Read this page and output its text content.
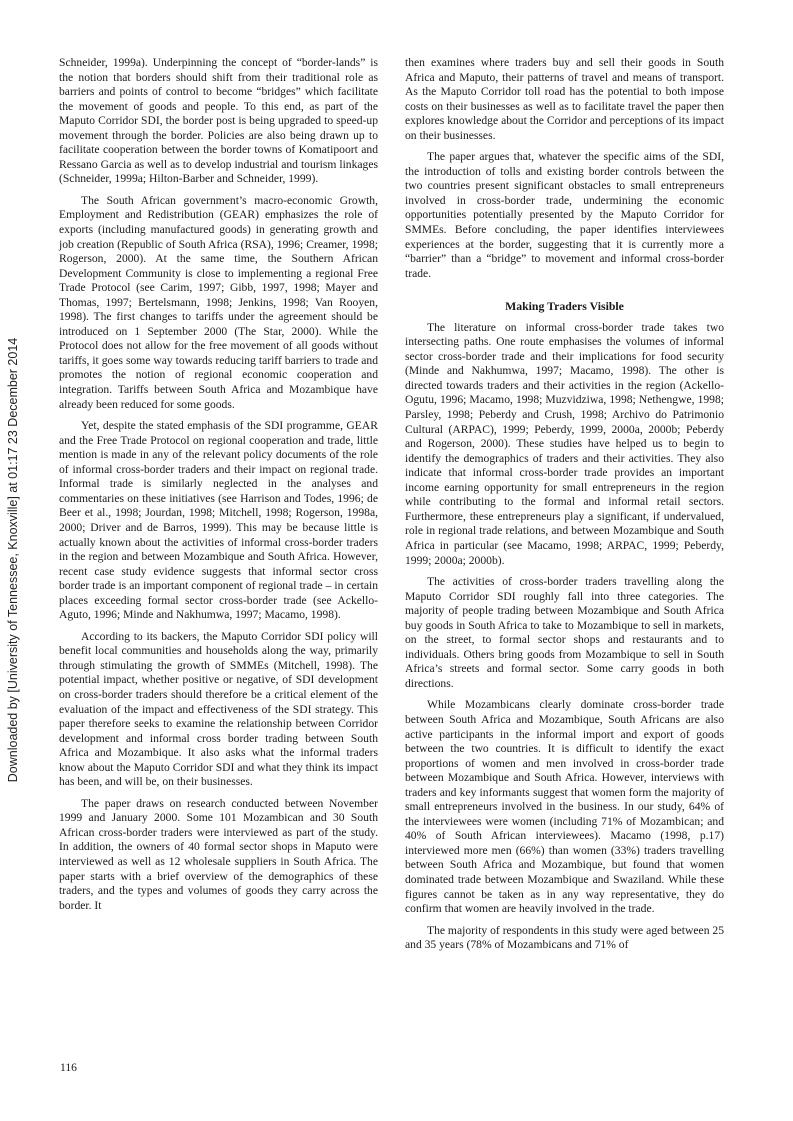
Downloaded by [University of Tennessee, Knoxville] at 01:17 23 December 2014

Schneider, 1999a). Underpinning the concept of “border-lands” is the notion that borders should shift from their traditional role as barriers and points of control to become “bridges” which facilitate the movement of goods and people. To this end, as part of the Maputo Corridor SDI, the border post is being upgraded to speed-up movement through the border. Policies are also being drawn up to facilitate cooperation between the border towns of Komatipoort and Ressano Garcia as well as to develop industrial and tourism linkages (Schneider, 1999a; Hilton-Barber and Schneider, 1999).

The South African government’s macro-economic Growth, Employment and Redistribution (GEAR) emphasizes the role of exports (including manufactured goods) in generating growth and job creation (Republic of South Africa (RSA), 1996; Creamer, 1998; Rogerson, 2000). At the same time, the Southern African Development Community is close to implementing a regional Free Trade Protocol (see Carim, 1997; Gibb, 1997, 1998; Mayer and Thomas, 1997; Bertelsmann, 1998; Jenkins, 1998; Van Rooyen, 1998). The first changes to tariffs under the agreement should be introduced on 1 September 2000 (The Star, 2000). While the Protocol does not allow for the free movement of all goods without tariffs, it goes some way towards reducing tariff barriers to trade and promotes the notion of regional economic cooperation and integration. Tariffs between South Africa and Mozambique have already been reduced for some goods.

Yet, despite the stated emphasis of the SDI programme, GEAR and the Free Trade Protocol on regional cooperation and trade, little mention is made in any of the relevant policy documents of the role of informal cross-border traders and their impact on regional trade. Informal trade is similarly neglected in the analyses and commentaries on these initiatives (see Harrison and Todes, 1996; de Beer et al., 1998; Jourdan, 1998; Mitchell, 1998; Rogerson, 1998a, 2000; Driver and de Barros, 1999). This may be because little is actually known about the activities of informal cross-border traders in the region and between Mozambique and South Africa. However, recent case study evidence suggests that informal sector cross border trade is an important component of regional trade – in certain places exceeding formal sector cross-border trade (see Ackello-Aguto, 1996; Minde and Nakhumwa, 1997; Macamo, 1998).

According to its backers, the Maputo Corridor SDI policy will benefit local communities and households along the way, primarily through stimulating the growth of SMMEs (Mitchell, 1998). The potential impact, whether positive or negative, of SDI development on cross-border traders should therefore be a critical element of the evaluation of the impact and effectiveness of the SDI strategy. This paper therefore seeks to examine the relationship between Corridor development and informal cross border trading between South Africa and Mozambique. It also asks what the informal traders know about the Maputo Corridor SDI and what they think its impact has been, and will be, on their businesses.

The paper draws on research conducted between November 1999 and January 2000. Some 101 Mozambican and 30 South African cross-border traders were interviewed as part of the study. In addition, the owners of 40 formal sector shops in Maputo were interviewed as well as 12 wholesale suppliers in South Africa. The paper starts with a brief overview of the demographics of these traders, and the types and volumes of goods they carry across the border. It

then examines where traders buy and sell their goods in South Africa and Maputo, their patterns of travel and means of transport. As the Maputo Corridor toll road has the potential to both impose costs on their businesses as well as to facilitate travel the paper then explores knowledge about the Corridor and perceptions of its impact on their businesses.

The paper argues that, whatever the specific aims of the SDI, the introduction of tolls and existing border controls between the two countries present significant obstacles to small entrepreneurs involved in cross-border trade, undermining the economic opportunities potentially presented by the Maputo Corridor for SMMEs. Before concluding, the paper identifies interviewees experiences at the border, suggesting that it is currently more a “barrier” than a “bridge” to movement and informal cross-border trade.

Making Traders Visible

The literature on informal cross-border trade takes two intersecting paths. One route emphasises the volumes of informal sector cross-border trade and their implications for food security (Minde and Nakhumwa, 1997; Macamo, 1998). The other is directed towards traders and their activities in the region (Ackello-Ogutu, 1996; Macamo, 1998; Muzvidziwa, 1998; Nethengwe, 1998; Parsley, 1998; Peberdy and Crush, 1998; Archivo do Patrimonio Cultural (ARPAC), 1999; Peberdy, 1999, 2000a, 2000b; Peberdy and Rogerson, 2000). These studies have helped us to begin to identify the demographics of traders and their activities. They also indicate that informal cross-border trade provides an important income earning opportunity for small entrepreneurs in the region while contributing to the formal and informal retail sectors. Furthermore, these entrepreneurs play a significant, if undervalued, role in regional trade relations, and between Mozambique and South Africa in particular (see Macamo, 1998; ARPAC, 1999; Peberdy, 1999; 2000a; 2000b).

The activities of cross-border traders travelling along the Maputo Corridor SDI roughly fall into three categories. The majority of people trading between Mozambique and South Africa buy goods in South Africa to take to Mozambique to sell in markets, on the street, to formal sector shops and restaurants and to individuals. Others bring goods from Mozambique to sell in South Africa’s streets and formal sector. Some carry goods in both directions.

While Mozambicans clearly dominate cross-border trade between South Africa and Mozambique, South Africans are also active participants in the informal import and export of goods between the two countries. It is difficult to identify the exact proportions of women and men involved in cross-border trade between Mozambique and South Africa. However, interviews with traders and key informants suggest that women form the majority of small entrepreneurs involved in the business. In our study, 64% of the interviewees were women (including 71% of Mozambican; and 40% of South African interviewees). Macamo (1998, p.17) interviewed more men (66%) than women (33%) traders travelling between South Africa and Mozambique, but found that women dominated trade between Mozambique and Swaziland. While these figures cannot be taken as in any way representative, they do confirm that women are heavily involved in the trade.

The majority of respondents in this study were aged between 25 and 35 years (78% of Mozambicans and 71% of

116
